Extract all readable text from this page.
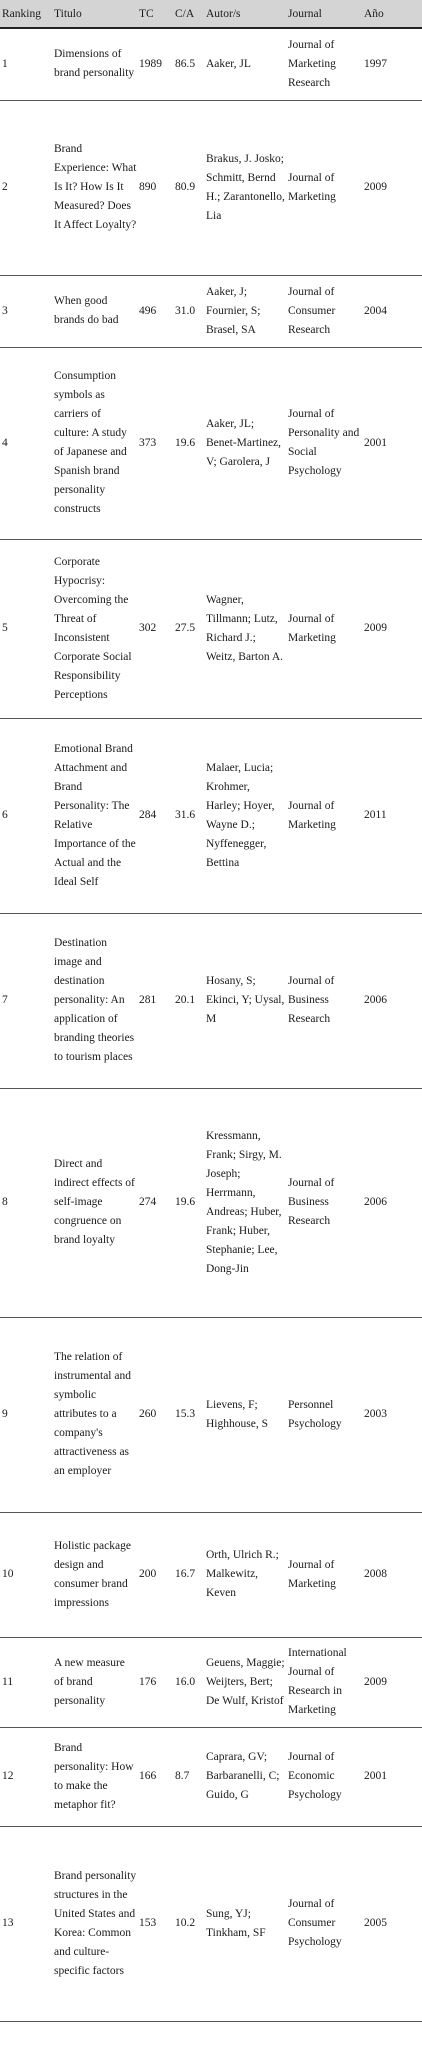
Ranking	Titulo	TC	C/A	Autor/s	Journal	Año
1	Dimensions of brand personality	1989	86.5	Aaker, JL	Journal of Marketing Research	1997
2	Brand Experience: What Is It? How Is It Measured? Does It Affect Loyalty?	890	80.9	Brakus, J. Josko; Schmitt, Bernd H.; Zarantonello, Lia	Journal of Marketing	2009
3	When good brands do bad	496	31.0	Aaker, J; Fournier, S; Brasel, SA	Journal of Consumer Research	2004
4	Consumption symbols as carriers of culture: A study of Japanese and Spanish brand personality constructs	373	19.6	Aaker, JL; Benet-Martinez, V; Garolera, J	Journal of Personality and Social Psychology	2001
5	Corporate Hypocrisy: Overcoming the Threat of Inconsistent Corporate Social Responsibility Perceptions	302	27.5	Wagner, Tillmann; Lutz, Richard J.; Weitz, Barton A.	Journal of Marketing	2009
6	Emotional Brand Attachment and Brand Personality: The Relative Importance of the Actual and the Ideal Self	284	31.6	Malaer, Lucia; Krohmer, Harley; Hoyer, Wayne D.; Nyffenegger, Bettina	Journal of Marketing	2011
7	Destination image and destination personality: An application of branding theories to tourism places	281	20.1	Hosany, S; Ekinci, Y; Uysal, M	Journal of Business Research	2006
8	Direct and indirect effects of self-image congruence on brand loyalty	274	19.6	Kressmann, Frank; Sirgy, M. Joseph; Herrmann, Andreas; Huber, Frank; Huber, Stephanie; Lee, Dong-Jin	Journal of Business Research	2006
9	The relation of instrumental and symbolic attributes to a company's attractiveness as an employer	260	15.3	Lievens, F; Highhouse, S	Personnel Psychology	2003
10	Holistic package design and consumer brand impressions	200	16.7	Orth, Ulrich R.; Malkewitz, Keven	Journal of Marketing	2008
11	A new measure of brand personality	176	16.0	Geuens, Maggie; Weijters, Bert; De Wulf, Kristof	International Journal of Research in Marketing	2009
12	Brand personality: How to make the metaphor fit?	166	8.7	Caprara, GV; Barbaranelli, C; Guido, G	Journal of Economic Psychology	2001
13	Brand personality structures in the United States and Korea: Common and culture-specific factors	153	10.2	Sung, YJ; Tinkham, SF	Journal of Consumer Psychology	2005
